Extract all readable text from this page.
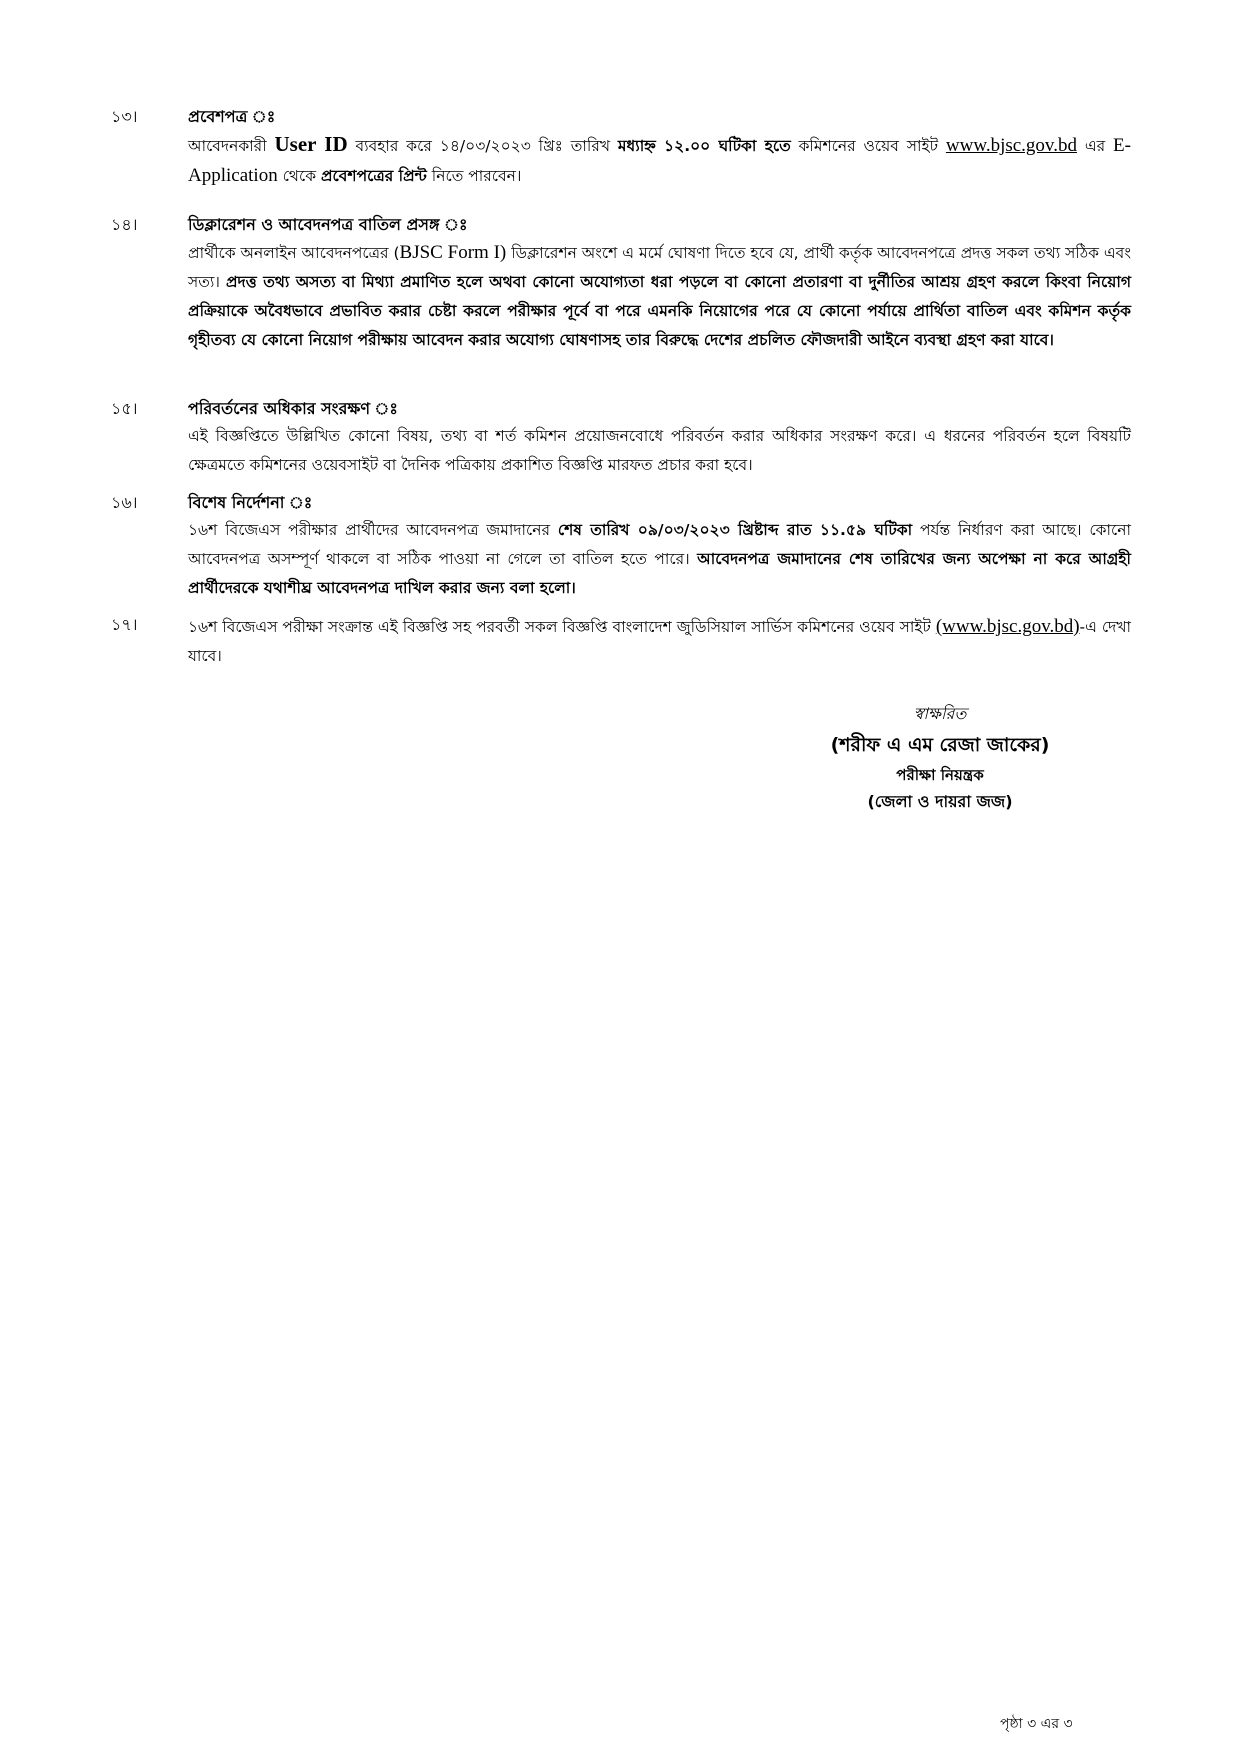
১৩।	প্রবেশপত্র ঃ

আবেদনকারী User ID ব্যবহার করে ১৪/০৩/২০২৩ খ্রিঃ তারিখ মধ্যাহ্ন ১২.০০ ঘটিকা হতে কমিশনের ওয়েব সাইট www.bjsc.gov.bd এর E-Application থেকে প্রবেশপত্রের প্রিন্ট নিতে পারবেন।

১৪।	ডিক্লারেশন ও আবেদনপত্র বাতিল প্রসঙ্গ ঃ

প্রার্থীকে অনলাইন আবেদনপত্রের (BJSC Form I) ডিক্লারেশন অংশে এ মর্মে ঘোষণা দিতে হবে যে, প্রার্থী কর্তৃক আবেদনপত্রে প্রদত্ত সকল তথ্য সঠিক এবং সত্য। প্রদত্ত তথ্য অসত্য বা মিথ্যা প্রমাণিত হলে অথবা কোনো অযোগ্যতা ধরা পড়লে বা কোনো প্রতারণা বা দুর্নীতির আশ্রয় গ্রহণ করলে কিংবা নিয়োগ প্রক্রিয়াকে অবৈধভাবে প্রভাবিত করার চেষ্টা করলে পরীক্ষার পূর্বে বা পরে এমনকি নিয়োগের পরে যে কোনো পর্যায়ে প্রার্থিতা বাতিল এবং কমিশন কর্তৃক গৃহীতব্য যে কোনো নিয়োগ পরীক্ষায় আবেদন করার অযোগ্য ঘোষণাসহ তার বিরুদ্ধে দেশের প্রচলিত ফৌজদারী আইনে ব্যবস্থা গ্রহণ করা যাবে।

১৫।	পরিবর্তনের অধিকার সংরক্ষণ ঃ

এই বিজ্ঞপ্তিতে উল্লিখিত কোনো বিষয়, তথ্য বা শর্ত কমিশন প্রয়োজনবোধে পরিবর্তন করার অধিকার সংরক্ষণ করে। এ ধরনের পরিবর্তন হলে বিষয়টি ক্ষেত্রমতে কমিশনের ওয়েবসাইট বা দৈনিক পত্রিকায় প্রকাশিত বিজ্ঞপ্তি মারফত প্রচার করা হবে।

১৬।	বিশেষ নির্দেশনা ঃ

১৬শ বিজেএস পরীক্ষার প্রার্থীদের আবেদনপত্র জমাদানের শেষ তারিখ ০৯/০৩/২০২৩ খ্রিষ্টাব্দ রাত ১১.৫৯ ঘটিকা পর্যন্ত নির্ধারণ করা আছে। কোনো আবেদনপত্র অসম্পূর্ণ থাকলে বা সঠিক পাওয়া না গেলে তা বাতিল হতে পারে। আবেদনপত্র জমাদানের শেষ তারিখের জন্য অপেক্ষা না করে আগ্রহী প্রার্থীদেরকে যথাশীঘ্র আবেদনপত্র দাখিল করার জন্য বলা হলো।

১৭।	১৬শ বিজেএস পরীক্ষা সংক্রান্ত এই বিজ্ঞপ্তি সহ পরবর্তী সকল বিজ্ঞপ্তি বাংলাদেশ জুডিসিয়াল সার্ভিস কমিশনের ওয়েব সাইট (www.bjsc.gov.bd)-এ দেখা যাবে।

স্বাক্ষরিত
(শরীফ এ এম রেজা জাকের)
পরীক্ষা নিয়ন্ত্রক
(জেলা ও দায়রা জজ)
পৃষ্ঠা ৩ এর ৩
